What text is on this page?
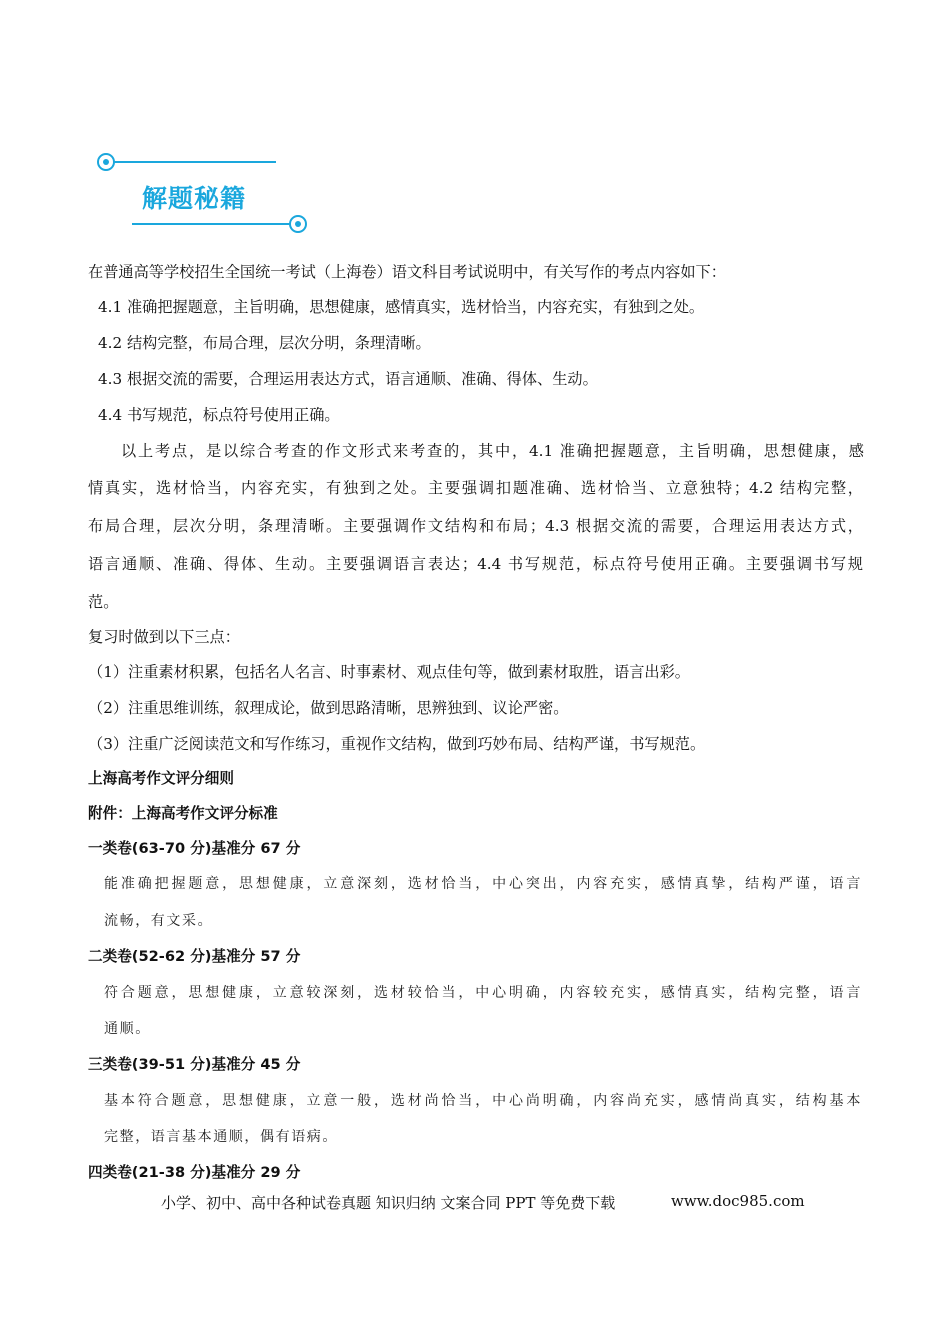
解题秘籍
在普通高等学校招生全国统一考试（上海卷）语文科目考试说明中，有关写作的考点内容如下：
4.1 准确把握题意，主旨明确，思想健康，感情真实，选材恰当，内容充实，有独到之处。
4.2 结构完整，布局合理，层次分明，条理清晰。
4.3 根据交流的需要，合理运用表达方式，语言通顺、准确、得体、生动。
4.4 书写规范，标点符号使用正确。
以上考点，是以综合考查的作文形式来考查的，其中，4.1 准确把握题意，主旨明确，思想健康，感
情真实，选材恰当，内容充实，有独到之处。主要强调扣题准确、选材恰当、立意独特；4.2 结构完整，
布局合理，层次分明，条理清晰。主要强调作文结构和布局；4.3 根据交流的需要，合理运用表达方式，
语言通顺、准确、得体、生动。主要强调语言表达；4.4 书写规范，标点符号使用正确。主要强调书写规
范。
复习时做到以下三点：
（1）注重素材积累，包括名人名言、时事素材、观点佳句等，做到素材取胜，语言出彩。
（2）注重思维训练，叙理成论，做到思路清晰，思辨独到、议论严密。
（3）注重广泛阅读范文和写作练习，重视作文结构，做到巧妙布局、结构严谨，书写规范。
上海高考作文评分细则
附件：上海高考作文评分标准
一类卷(63-70 分)基准分 67 分
能准确把握题意，思想健康，立意深刻，选材恰当，中心突出，内容充实，感情真挚，结构严谨，语言
流畅，有文采。
二类卷(52-62 分)基准分 57 分
符合题意，思想健康，立意较深刻，选材较恰当，中心明确，内容较充实，感情真实，结构完整，语言
通顺。
三类卷(39-51 分)基准分 45 分
基本符合题意，思想健康，立意一般，选材尚恰当，中心尚明确，内容尚充实，感情尚真实，结构基本
完整，语言基本通顺，偶有语病。
四类卷(21-38 分)基准分 29 分
小学、初中、高中各种试卷真题 知识归纳 文案合同 PPT 等免费下载	www.doc985.com
